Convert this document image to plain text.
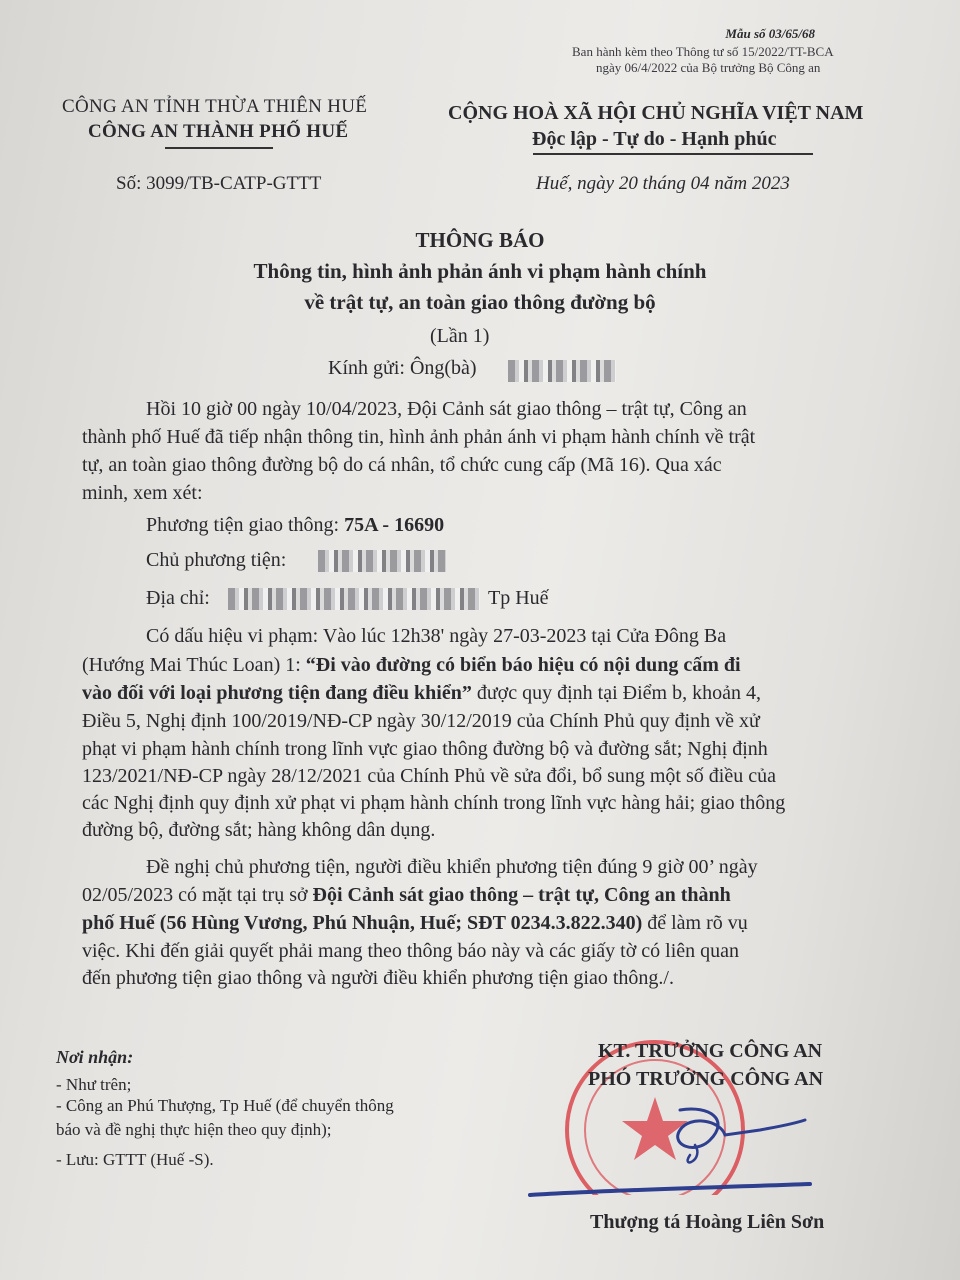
Mẫu số 03/65/68
Ban hành kèm theo Thông tư số 15/2022/TT-BCA
ngày 06/4/2022 của Bộ trưởng Bộ Công an
CÔNG AN TỈNH THỪA THIÊN HUẾ
CÔNG AN THÀNH PHỐ HUẾ
CỘNG HOÀ XÃ HỘI CHỦ NGHĨA VIỆT NAM
Độc lập - Tự do - Hạnh phúc
Số: 3099/TB-CATP-GTTT	Huế, ngày 20 tháng 04 năm 2023
THÔNG BÁO
Thông tin, hình ảnh phản ánh vi phạm hành chính
về trật tự, an toàn giao thông đường bộ
(Lần 1)
Kính gửi: Ông(bà)
Hồi 10 giờ 00 ngày 10/04/2023, Đội Cảnh sát giao thông – trật tự, Công an
thành phố Huế đã tiếp nhận thông tin, hình ảnh phản ánh vi phạm hành chính về trật
tự, an toàn giao thông đường bộ do cá nhân, tổ chức cung cấp (Mã 16). Qua xác
minh, xem xét:
Phương tiện giao thông: 75A - 16690
Chủ phương tiện:
Địa chỉ:	Tp Huế
Có dấu hiệu vi phạm: Vào lúc 12h38' ngày 27-03-2023 tại Cửa Đông Ba
(Hướng Mai Thúc Loan) 1: “Đi vào đường có biển báo hiệu có nội dung cấm đi
vào đối với loại phương tiện đang điều khiển” được quy định tại Điểm b, khoản 4,
Điều 5, Nghị định 100/2019/NĐ-CP ngày 30/12/2019 của Chính Phủ quy định về xử
phạt vi phạm hành chính trong lĩnh vực giao thông đường bộ và đường sắt; Nghị định
123/2021/NĐ-CP ngày 28/12/2021 của Chính Phủ về sửa đổi, bổ sung một số điều của
các Nghị định quy định xử phạt vi phạm hành chính trong lĩnh vực hàng hải; giao thông
đường bộ, đường sắt; hàng không dân dụng.
Đề nghị chủ phương tiện, người điều khiển phương tiện đúng 9 giờ 00’ ngày
02/05/2023 có mặt tại trụ sở Đội Cảnh sát giao thông – trật tự, Công an thành
phố Huế (56 Hùng Vương, Phú Nhuận, Huế; SĐT 0234.3.822.340) để làm rõ vụ
việc. Khi đến giải quyết phải mang theo thông báo này và các giấy tờ có liên quan
đến phương tiện giao thông và người điều khiển phương tiện giao thông./.
Nơi nhận:
- Như trên;
- Công an Phú Thượng, Tp Huế (để chuyển thông
báo và đề nghị thực hiện theo quy định);
- Lưu: GTTT (Huế -S).
KT. TRƯỞNG CÔNG AN
PHÓ TRƯỞNG CÔNG AN
Thượng tá Hoàng Liên Sơn
